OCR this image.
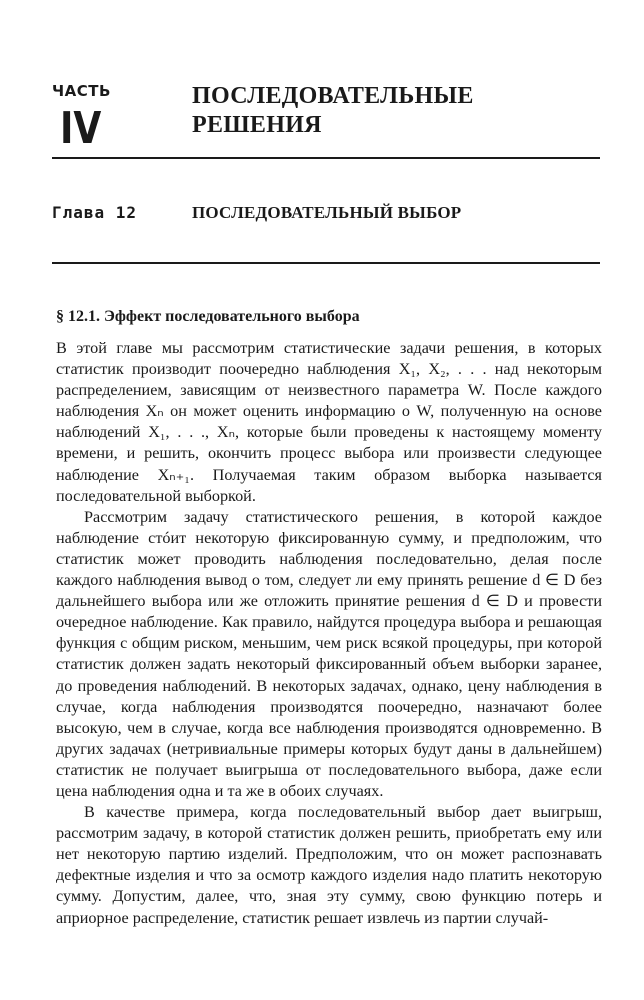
ЧАСТЬ
IV
ПОСЛЕДОВАТЕЛЬНЫЕ РЕШЕНИЯ
Глава 12	ПОСЛЕДОВАТЕЛЬНЫЙ ВЫБОР
§ 12.1. Эффект последовательного выбора

В этой главе мы рассмотрим статистические задачи решения, в которых статистик производит поочередно наблюдения X₁, X₂, . . . над некоторым распределением, зависящим от неизвестного параметра W. После каждого наблюдения Xₙ он может оценить информацию о W, полученную на основе наблюдений X₁, . . ., Xₙ, которые были проведены к настоящему моменту времени, и решить, окончить процесс выбора или произвести следующее наблюдение Xₙ₊₁. Получаемая таким образом выборка называется последовательной выборкой.

Рассмотрим задачу статистического решения, в которой каждое наблюдение стóит некоторую фиксированную сумму, и предположим, что статистик может проводить наблюдения последовательно, делая после каждого наблюдения вывод о том, следует ли ему принять решение d ∈ D без дальнейшего выбора или же отложить принятие решения d ∈ D и провести очередное наблюдение. Как правило, найдутся процедура выбора и решающая функция с общим риском, меньшим, чем риск всякой процедуры, при которой статистик должен задать некоторый фиксированный объем выборки заранее, до проведения наблюдений. В некоторых задачах, однако, цену наблюдения в случае, когда наблюдения производятся поочередно, назначают более высокую, чем в случае, когда все наблюдения производятся одновременно. В других задачах (нетривиальные примеры которых будут даны в дальнейшем) статистик не получает выигрыша от последовательного выбора, даже если цена наблюдения одна и та же в обоих случаях.

В качестве примера, когда последовательный выбор дает выигрыш, рассмотрим задачу, в которой статистик должен решить, приобретать ему или нет некоторую партию изделий. Предположим, что он может распознавать дефектные изделия и что за осмотр каждого изделия надо платить некоторую сумму. Допустим, далее, что, зная эту сумму, свою функцию потерь и априорное распределение, статистик решает извлечь из партии случай-
